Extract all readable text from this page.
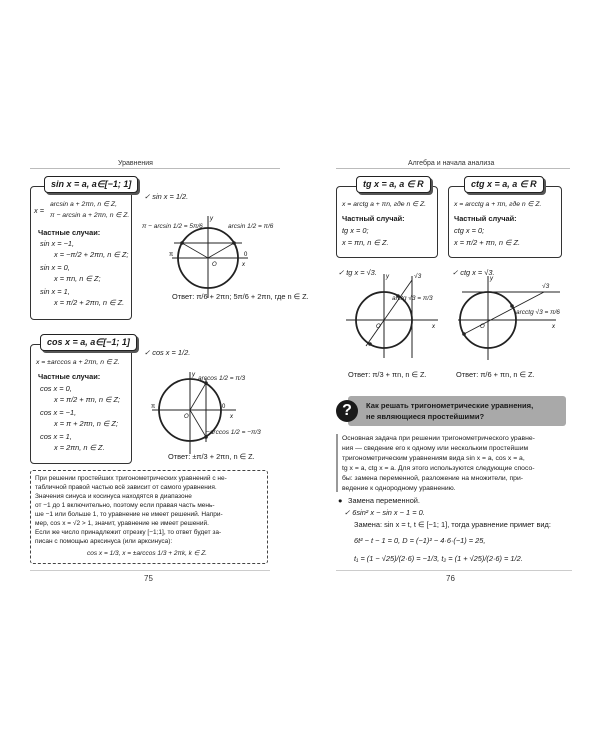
Уравнения
sin x = a, a∈[−1; 1]
x =
arcsin a + 2πn, n ∈ Z,
π − arcsin a + 2πn, n ∈ Z.
Частные случаи:
sin x = −1,
x = −π/2 + 2πn, n ∈ Z;
sin x = 0,
x = πn, n ∈ Z;
sin x = 1,
x = π/2 + 2πn, n ∈ Z.
✓ sin x = 1/2.
π − arcsin 1/2 = 5π/6	arcsin 1/2 = π/6
O
y
x
π	0
Ответ: π/6 + 2πn; 5π/6 + 2πn, где n ∈ Z.
cos x = a, a∈[−1; 1]
x = ±arccos a + 2πn, n ∈ Z.
Частные случаи:
cos x = 0,
x = π/2 + πn, n ∈ Z;
cos x = −1,
x = π + 2πn, n ∈ Z;
cos x = 1,
x = 2πn, n ∈ Z.
✓ cos x = 1/2.
O
y
x
π	0
arccos 1/2 = π/3
−arccos 1/2 = −π/3
Ответ: ±π/3 + 2πn, n ∈ Z.
При решении простейших тригонометрических уравнений с не-
табличной правой частью всё зависит от самого уравнения.
Значения синуса и косинуса находятся в диапазоне
от −1 до 1 включительно, поэтому если правая часть мень-
ше −1 или больше 1, то уравнение не имеет решений. Напри-
мер, cos x = √2 > 1, значит, уравнение не имеет решений.
Если же число принадлежит отрезку [−1;1], то ответ будет за-
писан с помощью арксинуса (или арксинуса):
cos x = 1/3, x = ±arccos 1/3 + 2πk, k ∈ Z.
75
Алгебра и начала анализа
tg x = a, a ∈ R
x = arctg a + πn, где n ∈ Z.
Частный случай:
tg x = 0;
x = πn, n ∈ Z.
ctg x = a, a ∈ R
x = arcctg a + πn, где n ∈ Z.
Частный случай:
ctg x = 0;
x = π/2 + πn, n ∈ Z.
✓ tg x = √3.
O
y
x
√3
arctg √3 = π/3
Ответ: π/3 + πn, n ∈ Z.
✓ ctg x = √3.
O
y
x
√3
arcctg √3 = π/6
Ответ: π/6 + πn, n ∈ Z.
?	Как решать тригонометрические уравнения,
не являющиеся простейшими?
Основная задача при решении тригонометрического уравне-
ния — сведение его к одному или нескольким простейшим
тригонометрическим уравнениям вида sin x = a, cos x = a,
tg x = a, ctg x = a. Для этого используются следующие спосо-
бы: замена переменной, разложение на множители, при-
ведение к однородному уравнению.
● Замена переменной.
✓ 6sin² x − sin x − 1 = 0.
Замена: sin x = t, t ∈ [−1; 1], тогда уравнение примет вид:
6t² − t − 1 = 0, D = (−1)² − 4·6·(−1) = 25,
t₁ = (1 − √25)/(2·6) = −1/3, t₂ = (1 + √25)/(2·6) = 1/2.
76
